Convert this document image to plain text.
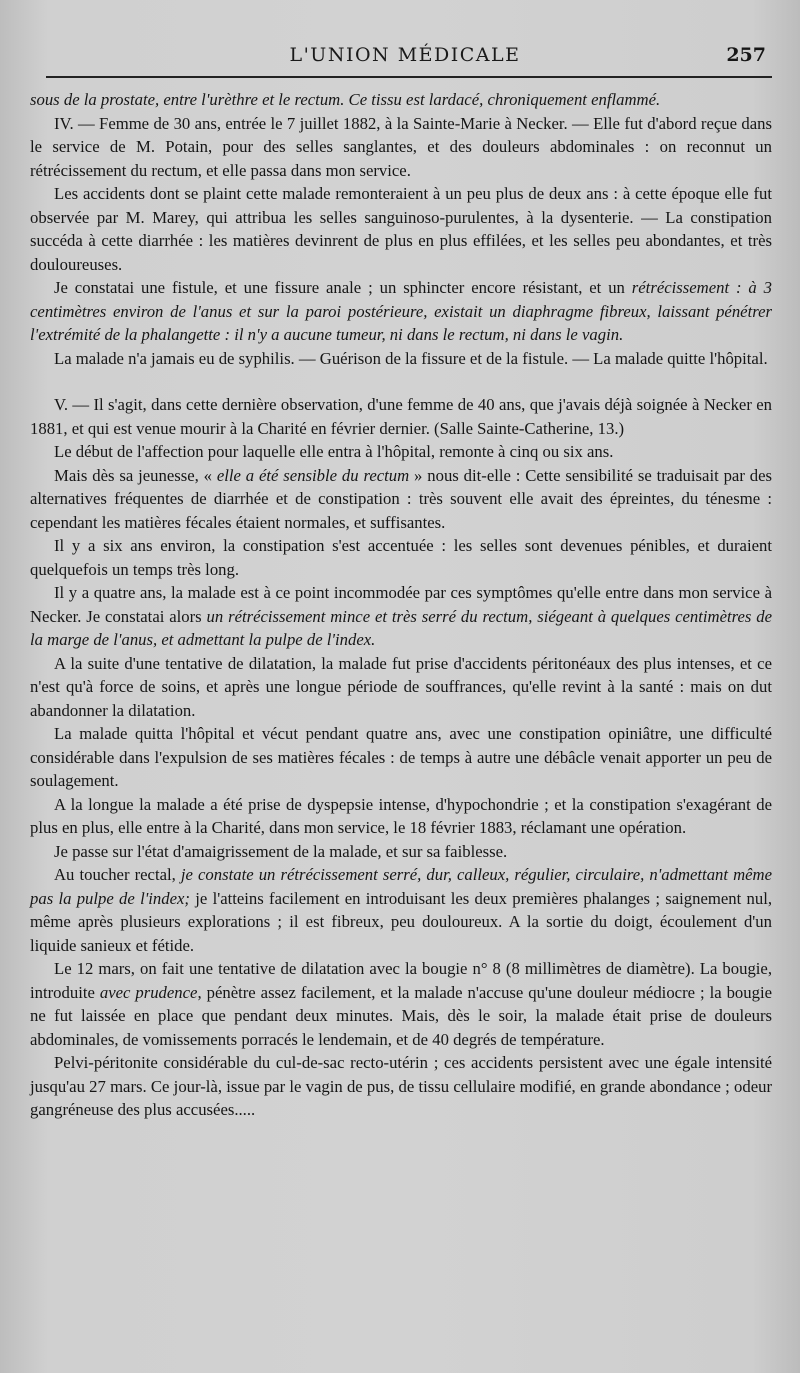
L'UNION MÉDICALE	257

sous de la prostate, entre l'urèthre et le rectum. Ce tissu est lardacé, chroniquement enflammé.

IV. — Femme de 30 ans, entrée le 7 juillet 1882, à la Sainte-Marie à Necker. — Elle fut d'abord reçue dans le service de M. Potain, pour des selles sanglantes, et des douleurs abdominales : on reconnut un rétrécissement du rectum, et elle passa dans mon service.

Les accidents dont se plaint cette malade remonteraient à un peu plus de deux ans : à cette époque elle fut observée par M. Marey, qui attribua les selles sanguinoso-purulentes, à la dysenterie. — La constipation succéda à cette diarrhée : les matières devinrent de plus en plus effilées, et les selles peu abondantes, et très douloureuses.

Je constatai une fistule, et une fissure anale ; un sphincter encore résistant, et un rétrécissement : à 3 centimètres environ de l'anus et sur la paroi postérieure, existait un diaphragme fibreux, laissant pénétrer l'extrémité de la phalangette : il n'y a aucune tumeur, ni dans le rectum, ni dans le vagin.

La malade n'a jamais eu de syphilis. — Guérison de la fissure et de la fistule. — La malade quitte l'hôpital.

V. — Il s'agit, dans cette dernière observation, d'une femme de 40 ans, que j'avais déjà soignée à Necker en 1881, et qui est venue mourir à la Charité en février dernier. (Salle Sainte-Catherine, 13.)

Le début de l'affection pour laquelle elle entra à l'hôpital, remonte à cinq ou six ans.

Mais dès sa jeunesse, « elle a été sensible du rectum » nous dit-elle : Cette sensibilité se traduisait par des alternatives fréquentes de diarrhée et de constipation : très souvent elle avait des épreintes, du ténesme : cependant les matières fécales étaient normales, et suffisantes.

Il y a six ans environ, la constipation s'est accentuée : les selles sont devenues pénibles, et duraient quelquefois un temps très long.

Il y a quatre ans, la malade est à ce point incommodée par ces symptômes qu'elle entre dans mon service à Necker. Je constatai alors un rétrécissement mince et très serré du rectum, siégeant à quelques centimètres de la marge de l'anus, et admettant la pulpe de l'index.

A la suite d'une tentative de dilatation, la malade fut prise d'accidents péritonéaux des plus intenses, et ce n'est qu'à force de soins, et après une longue période de souffrances, qu'elle revint à la santé : mais on dut abandonner la dilatation.

La malade quitta l'hôpital et vécut pendant quatre ans, avec une constipation opiniâtre, une difficulté considérable dans l'expulsion de ses matières fécales : de temps à autre une débâcle venait apporter un peu de soulagement.

A la longue la malade a été prise de dyspepsie intense, d'hypochondrie ; et la constipation s'exagérant de plus en plus, elle entre à la Charité, dans mon service, le 18 février 1883, réclamant une opération.

Je passe sur l'état d'amaigrissement de la malade, et sur sa faiblesse.

Au toucher rectal, je constate un rétrécissement serré, dur, calleux, régulier, circulaire, n'admettant même pas la pulpe de l'index; je l'atteins facilement en introduisant les deux premières phalanges ; saignement nul, même après plusieurs explorations ; il est fibreux, peu douloureux. A la sortie du doigt, écoulement d'un liquide sanieux et fétide.

Le 12 mars, on fait une tentative de dilatation avec la bougie n° 8 (8 millimètres de diamètre). La bougie, introduite avec prudence, pénètre assez facilement, et la malade n'accuse qu'une douleur médiocre ; la bougie ne fut laissée en place que pendant deux minutes. Mais, dès le soir, la malade était prise de douleurs abdominales, de vomissements porracés le lendemain, et de 40 degrés de température.

Pelvi-péritonite considérable du cul-de-sac recto-utérin ; ces accidents persistent avec une égale intensité jusqu'au 27 mars. Ce jour-là, issue par le vagin de pus, de tissu cellulaire modifié, en grande abondance ; odeur gangréneuse des plus accusées.....
